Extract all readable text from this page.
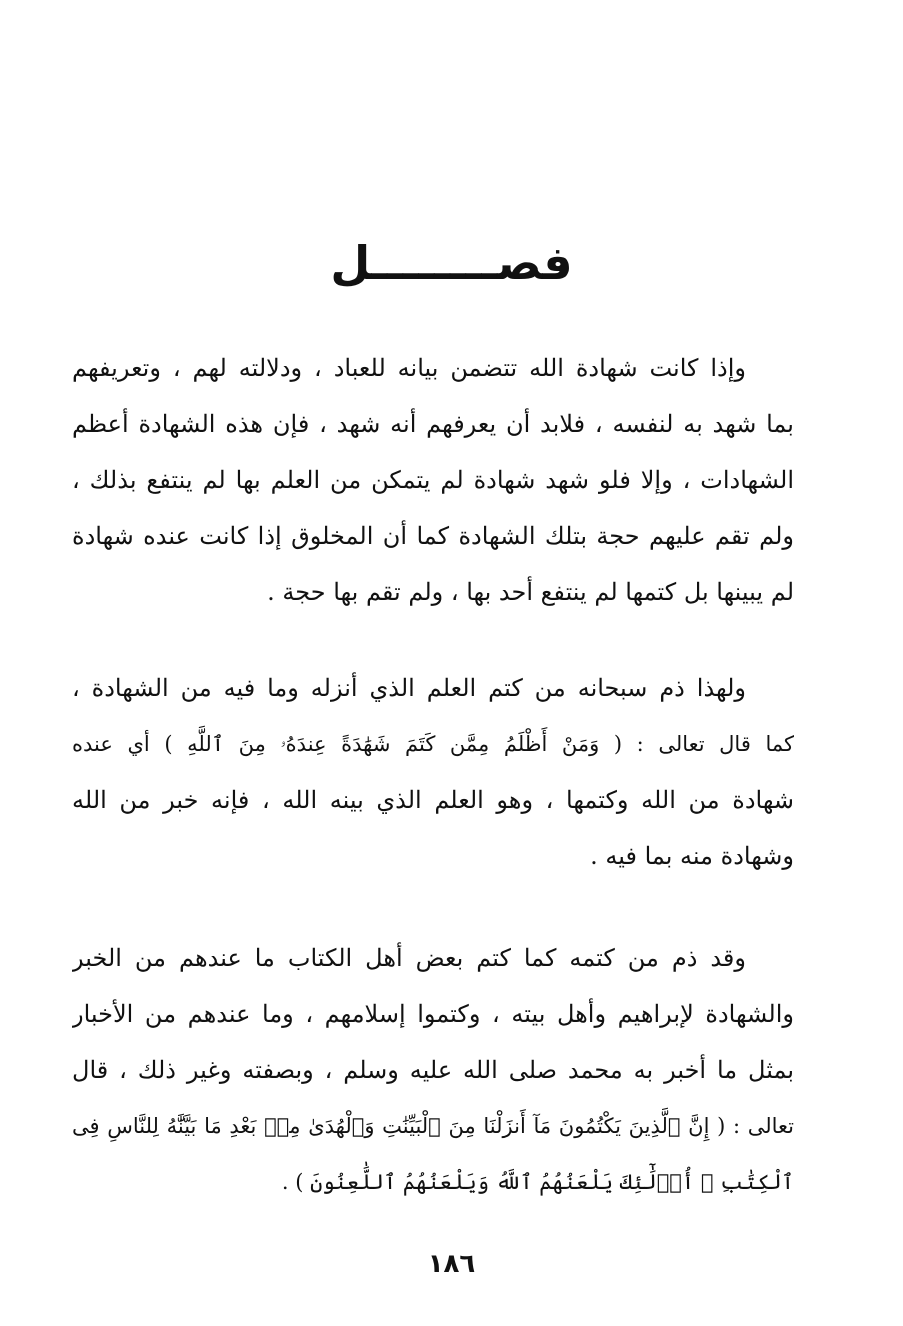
فصــــــــل
وإذا كانت شهادة الله تتضمن بيانه للعباد ، ودلالته لهم ، وتعريفهم
بما شهد به لنفسه ، فلابد أن يعرفهم أنه شهد ، فإن هذه الشهادة أعظم
الشهادات ، وإلا فلو شهد شهادة لم يتمكن من العلم بها لم ينتفع بذلك ،
ولم تقم عليهم حجة بتلك الشهادة كما أن المخلوق إذا كانت عنده شهادة
لم يبينها بل كتمها لم ينتفع أحد بها ، ولم تقم بها حجة .
ولهذا ذم سبحانه من كتم العلم الذي أنزله وما فيه من الشهادة ،
كما قال تعالى : ( وَمَنْ أَظْلَمُ مِمَّن كَتَمَ شَهَٰدَةً عِندَهُۥ مِنَ ٱللَّهِ ) أي عنده
شهادة من الله وكتمها ، وهو العلم الذي بينه الله ، فإنه خبر من الله
وشهادة منه بما فيه .
وقد ذم من كتمه كما كتم بعض أهل الكتاب ما عندهم من الخبر
والشهادة لإبراهيم وأهل بيته ، وكتموا إسلامهم ، وما عندهم من الأخبار
بمثل ما أخبر به محمد صلى الله عليه وسلم ، وبصفته وغير ذلك ، قال
تعالى : ( إِنَّ ٱلَّذِينَ يَكْتُمُونَ مَآ أَنزَلْنَا مِنَ ٱلْبَيِّنَٰتِ وَٱلْهُدَىٰ مِنۢ بَعْدِ مَا بَيَّنَّٰهُ لِلنَّاسِ فِى
ٱلْكِتَٰبِ ۙ أُو۟لَٰٓئِكَ يَلْعَنُهُمُ ٱللَّهُ وَيَلْعَنُهُمُ ٱللَّٰعِنُونَ ) .
١٨٦
